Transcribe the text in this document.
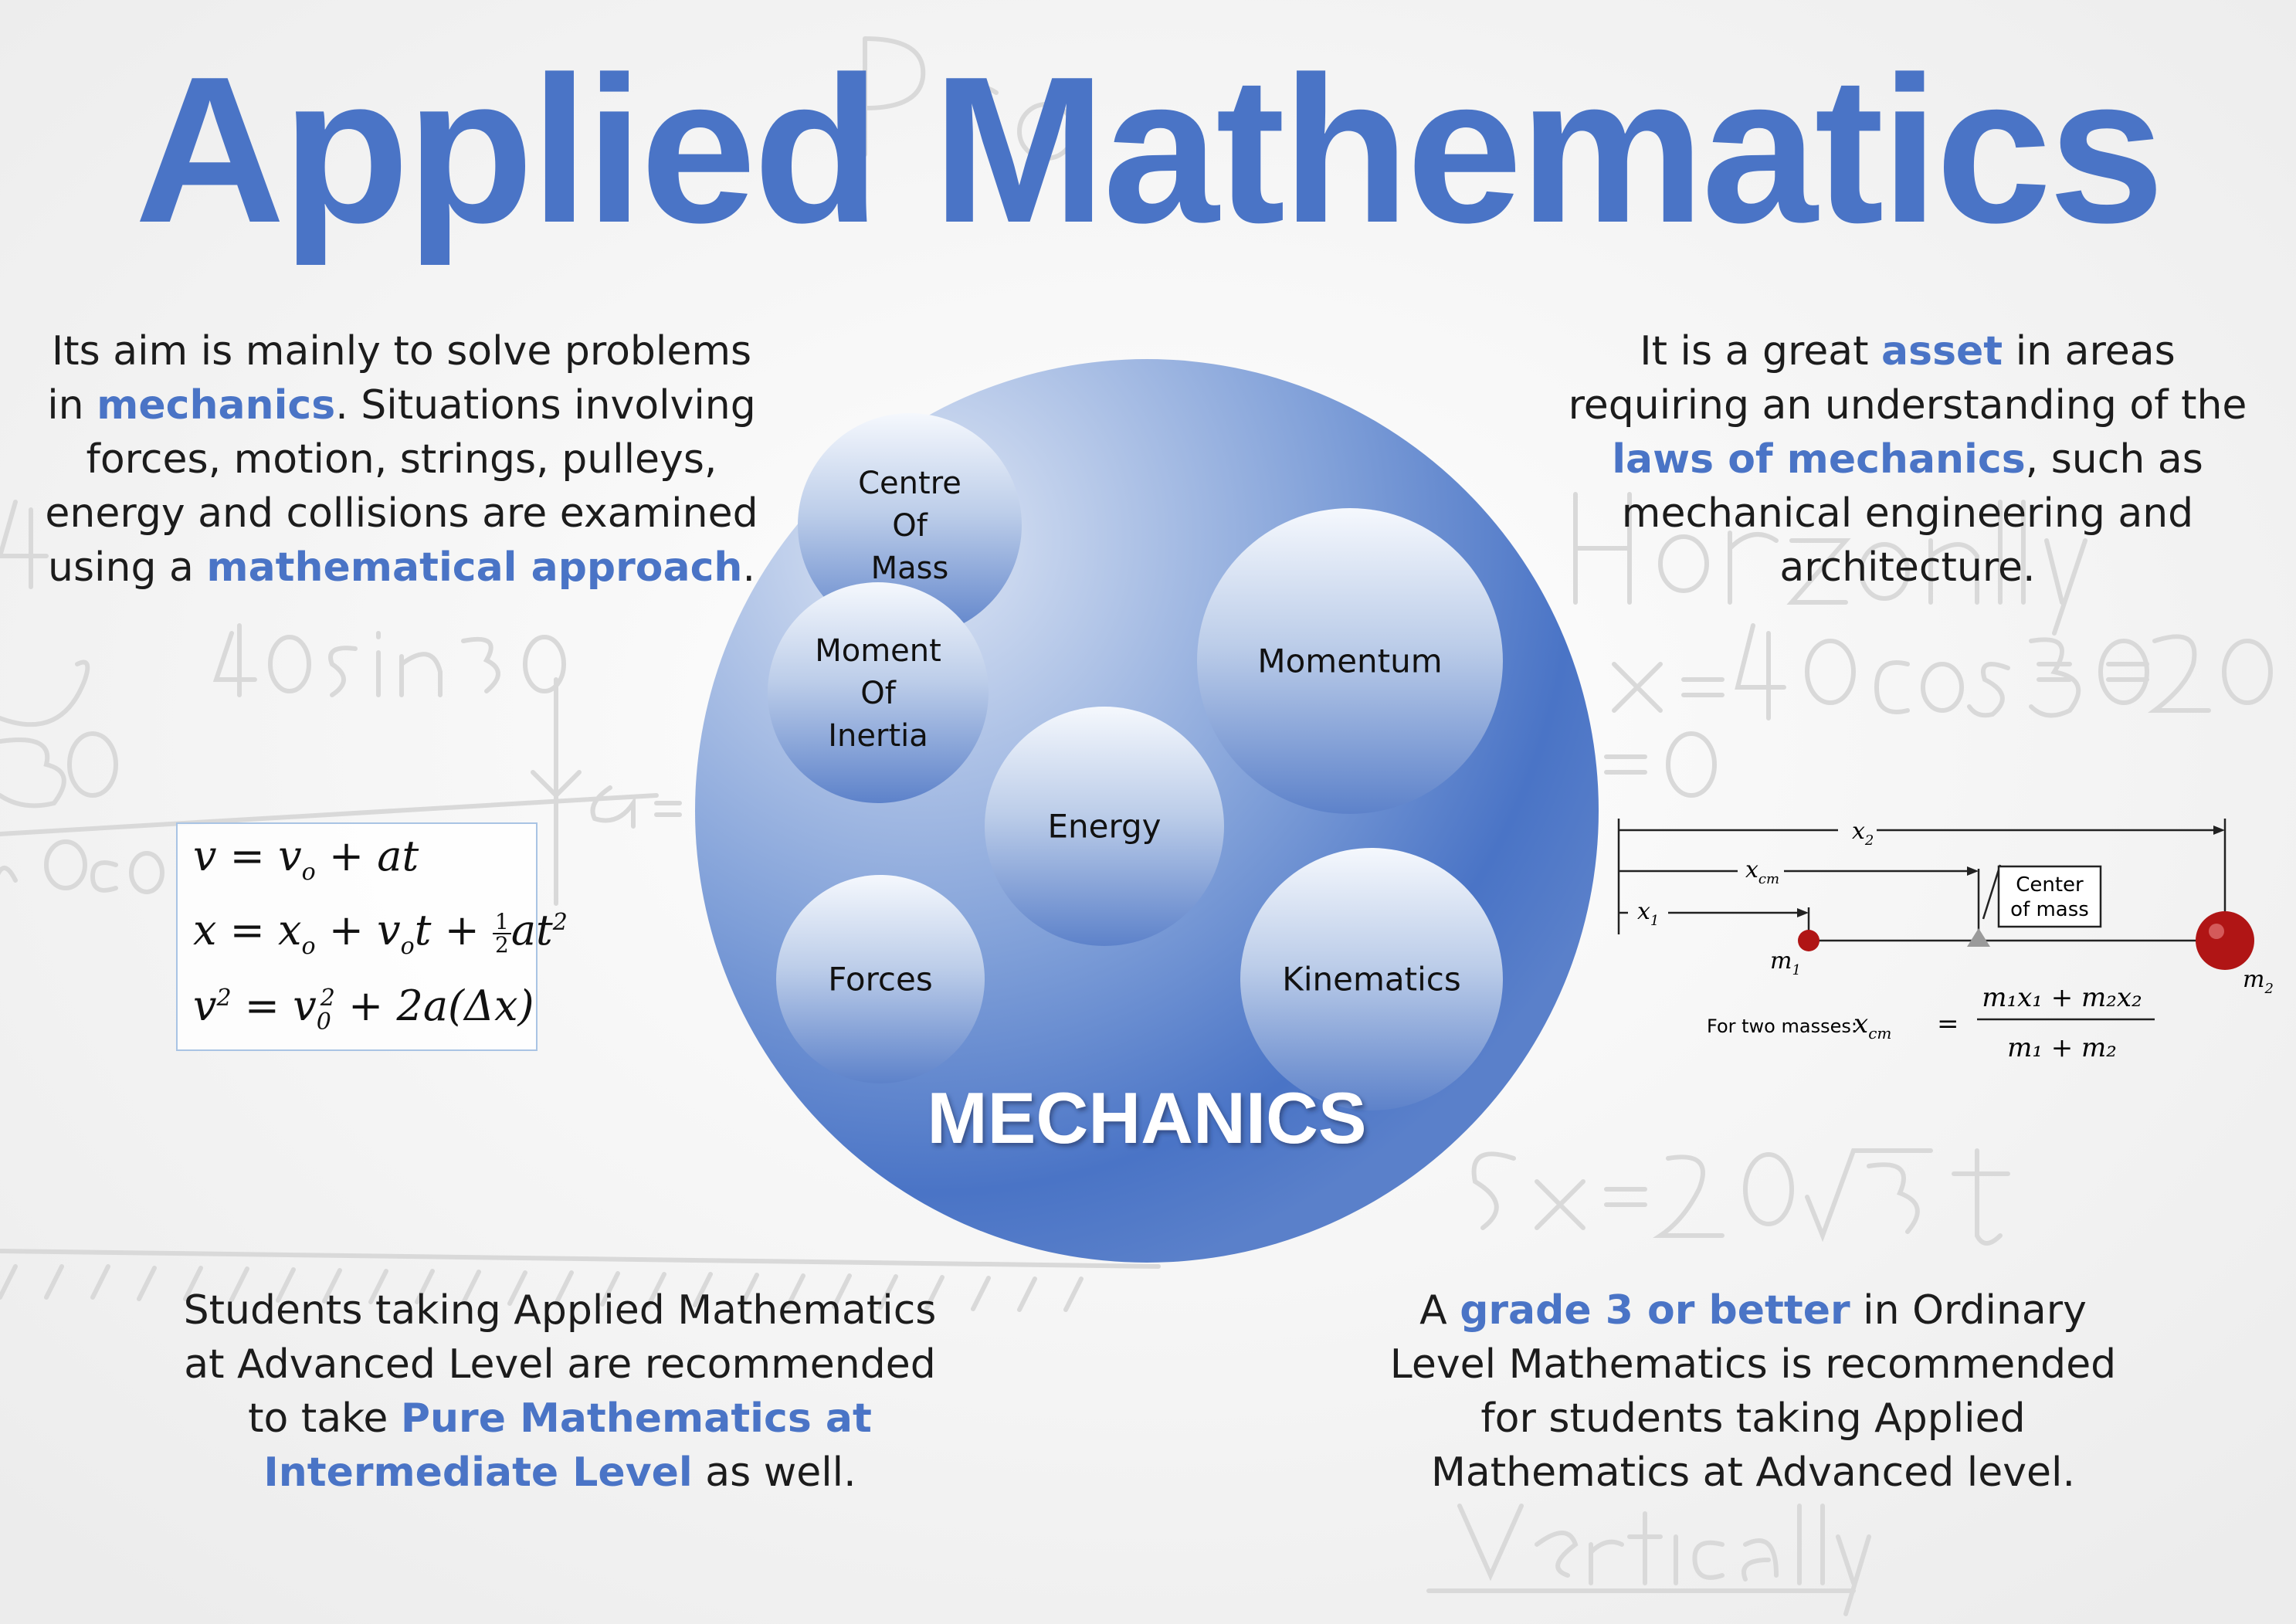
Applied Mathematics

Its aim is mainly to solve problems in mechanics. Situations involving forces, motion, strings, pulleys, energy and collisions are examined using a mathematical approach.

It is a great asset in areas requiring an understanding of the laws of mechanics, such as mechanical engineering and architecture.

Students taking Applied Mathematics at Advanced Level are recommended to take Pure Mathematics at Intermediate Level as well.

A grade 3 or better in Ordinary Level Mathematics is recommended for students taking Applied Mathematics at Advanced level.

$v = v_o$ + at
$x = x_o + v_ot + \frac{1}{2} at^2$
$v^2 = v_0^2 + 2a(\Delta x)$
Centre
Of
Mass
Momentum
Moment
Of
Inertia
Energy
Forces	Kinematics
MECHANICS
$x_2$
$x_{cm}$
$x_1$
Center
of mass
$m_1$	$m_2$
For two masses:
$x_{cm}$ =
m₁x₁ + m₂x₂
m₁ + m₂
